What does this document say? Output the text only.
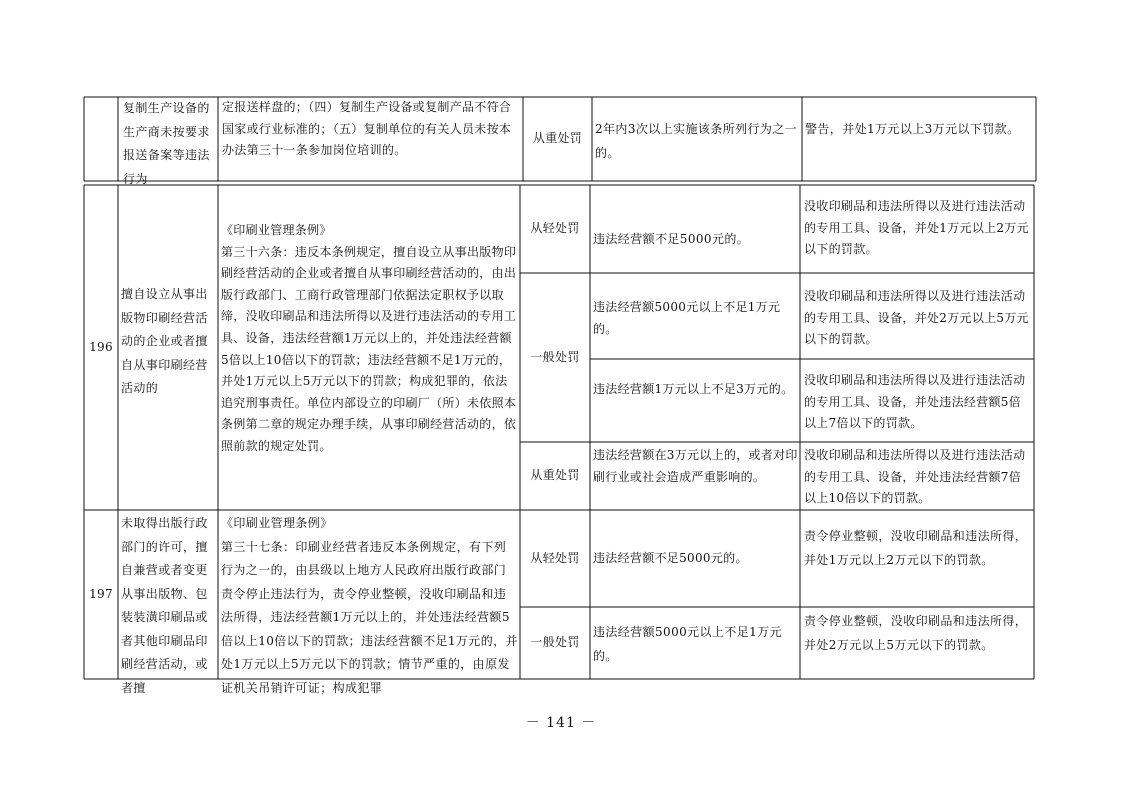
复制生产设备的生产商未按要求报送备案等违法行为
定报送样盘的；（四）复制生产设备或复制产品不符合国家或行业标准的；（五）复制单位的有关人员未按本办法第三十一条参加岗位培训的。
从重处罚
2年内3次以上实施该条所列行为之一的。
警告，并处1万元以上3万元以下罚款。
196
擅自设立从事出版物印刷经营活动的企业或者擅自从事印刷经营活动的
《印刷业管理条例》
第三十六条：违反本条例规定，擅自设立从事出版物印刷经营活动的企业或者擅自从事印刷经营活动的，由出版行政部门、工商行政管理部门依据法定职权予以取缔，没收印刷品和违法所得以及进行违法活动的专用工具、设备，违法经营额1万元以上的，并处违法经营额5倍以上10倍以下的罚款；违法经营额不足1万元的，并处1万元以上5万元以下的罚款；构成犯罪的，依法追究刑事责任。单位内部设立的印刷厂（所）未依照本条例第二章的规定办理手续，从事印刷经营活动的，依照前款的规定处罚。
从轻处罚
违法经营额不足5000元的。
没收印刷品和违法所得以及进行违法活动的专用工具、设备，并处1万元以上2万元以下的罚款。
一般处罚
违法经营额5000元以上不足1万元的。
没收印刷品和违法所得以及进行违法活动的专用工具、设备，并处2万元以上5万元以下的罚款。
违法经营额1万元以上不足3万元的。
没收印刷品和违法所得以及进行违法活动的专用工具、设备，并处违法经营额5倍以上7倍以下的罚款。
从重处罚
违法经营额在3万元以上的，或者对印刷行业或社会造成严重影响的。
没收印刷品和违法所得以及进行违法活动的专用工具、设备，并处违法经营额7倍以上10倍以下的罚款。
197
未取得出版行政部门的许可，擅自兼营或者变更从事出版物、包装装潢印刷品或者其他印刷品印刷经营活动，或者擅
《印刷业管理条例》
第三十七条：印刷业经营者违反本条例规定，有下列行为之一的，由县级以上地方人民政府出版行政部门责令停止违法行为，责令停业整顿，没收印刷品和违法所得，违法经营额1万元以上的，并处违法经营额5倍以上10倍以下的罚款；违法经营额不足1万元的，并处1万元以上5万元以下的罚款；情节严重的，由原发证机关吊销许可证；构成犯罪
从轻处罚	违法经营额不足5000元的。
责令停业整顿，没收印刷品和违法所得，并处1万元以上2万元以下的罚款。
一般处罚
违法经营额5000元以上不足1万元的。
责令停业整顿，没收印刷品和违法所得，并处2万元以上5万元以下的罚款。
－ 141 －
